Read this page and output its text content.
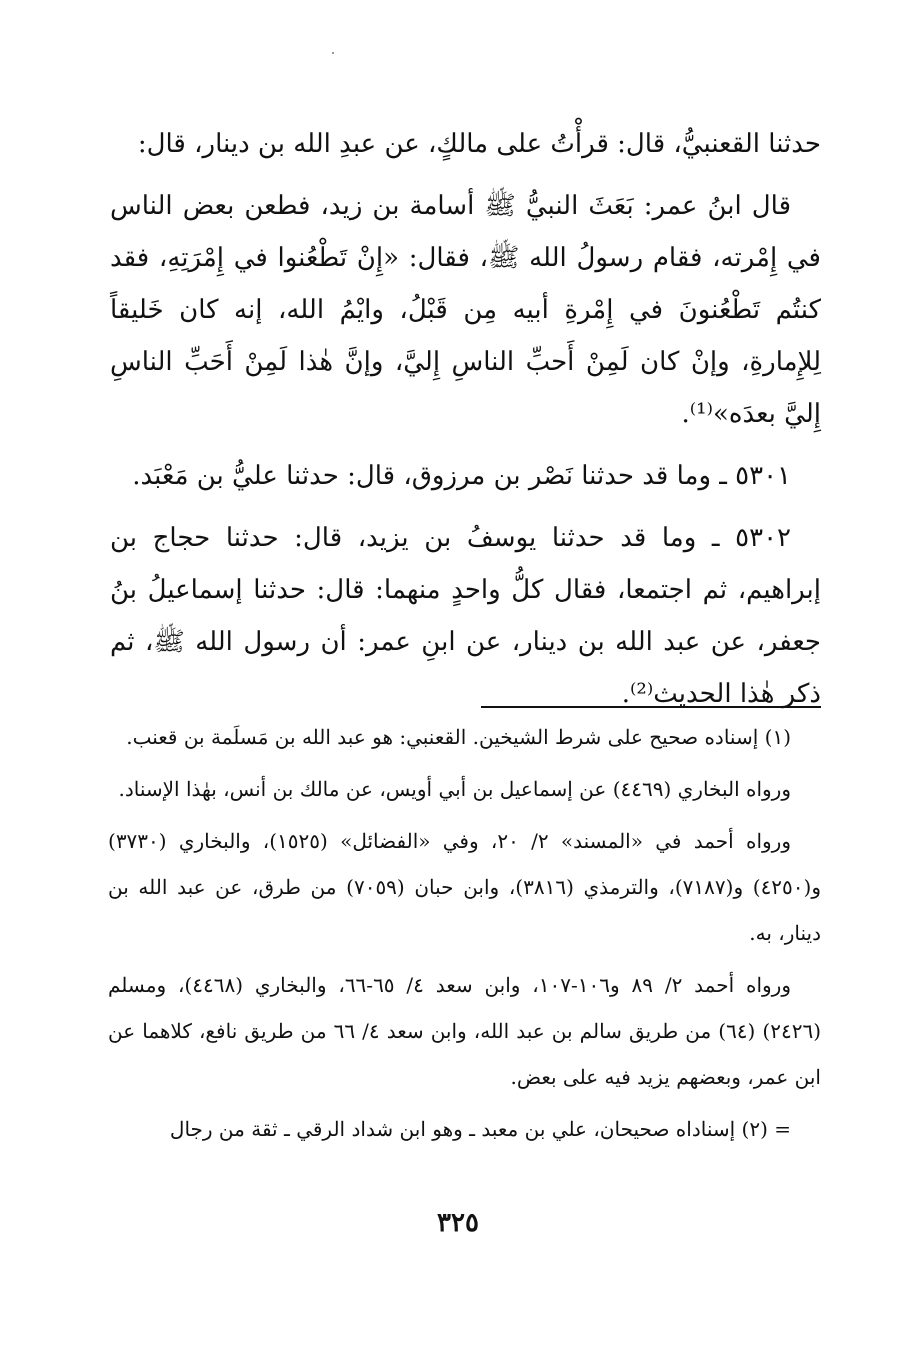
حدثنا القعنبيُّ، قال: قرأْتُ على مالكٍ، عن عبدِ الله بن دينار، قال:

قال ابنُ عمر: بَعَثَ النبيُّ ﷺ أسامة بن زيد، فطعن بعض الناس في إِمْرته، فقام رسولُ الله ﷺ، فقال: «إِنْ تَطْعُنوا في إِمْرَتِهِ، فقد كنتُم تَطْعُنونَ في إِمْرةِ أبيه مِن قَبْلُ، وايْمُ الله، إنه كان خَليقاً لِلإِمارةِ، وإنْ كان لَمِنْ أَحبِّ الناسِ إِليَّ، وإنَّ هٰذا لَمِنْ أَحَبِّ الناسِ إِليَّ بعدَه»⁽¹⁾.

٥٣٠١ ـ وما قد حدثنا نَصْر بن مرزوق، قال: حدثنا عليُّ بن مَعْبَد.

٥٣٠٢ ـ وما قد حدثنا يوسفُ بن يزيد، قال: حدثنا حجاج بن إبراهيم، ثم اجتمعا، فقال كلُّ واحدٍ منهما: قال: حدثنا إسماعيلُ بنُ جعفر، عن عبد الله بن دينار، عن ابنِ عمر: أن رسول الله ﷺ، ثم ذكر هٰذا الحديث⁽²⁾.

(١) إسناده صحيح على شرط الشيخين. القعنبي: هو عبد الله بن مَسلَمة بن قعنب.

ورواه البخاري (٤٤٦٩) عن إسماعيل بن أبي أويس، عن مالك بن أنس، بهٰذا الإسناد.

ورواه أحمد في «المسند» ٢/ ٢٠، وفي «الفضائل» (١٥٢٥)، والبخاري (٣٧٣٠) و(٤٢٥٠) و(٧١٨٧)، والترمذي (٣٨١٦)، وابن حبان (٧٠٥٩) من طرق، عن عبد الله بن دينار، به.

ورواه أحمد ٢/ ٨٩ و١٠٦-١٠٧، وابن سعد ٤/ ٦٥-٦٦، والبخاري (٤٤٦٨)، ومسلم (٢٤٢٦) (٦٤) من طريق سالم بن عبد الله، وابن سعد ٤/ ٦٦ من طريق نافع، كلاهما عن ابن عمر، وبعضهم يزيد فيه على بعض.

= (٢) إسناداه صحيحان، علي بن معبد ـ وهو ابن شداد الرقي ـ ثقة من رجال

٣٢٥
